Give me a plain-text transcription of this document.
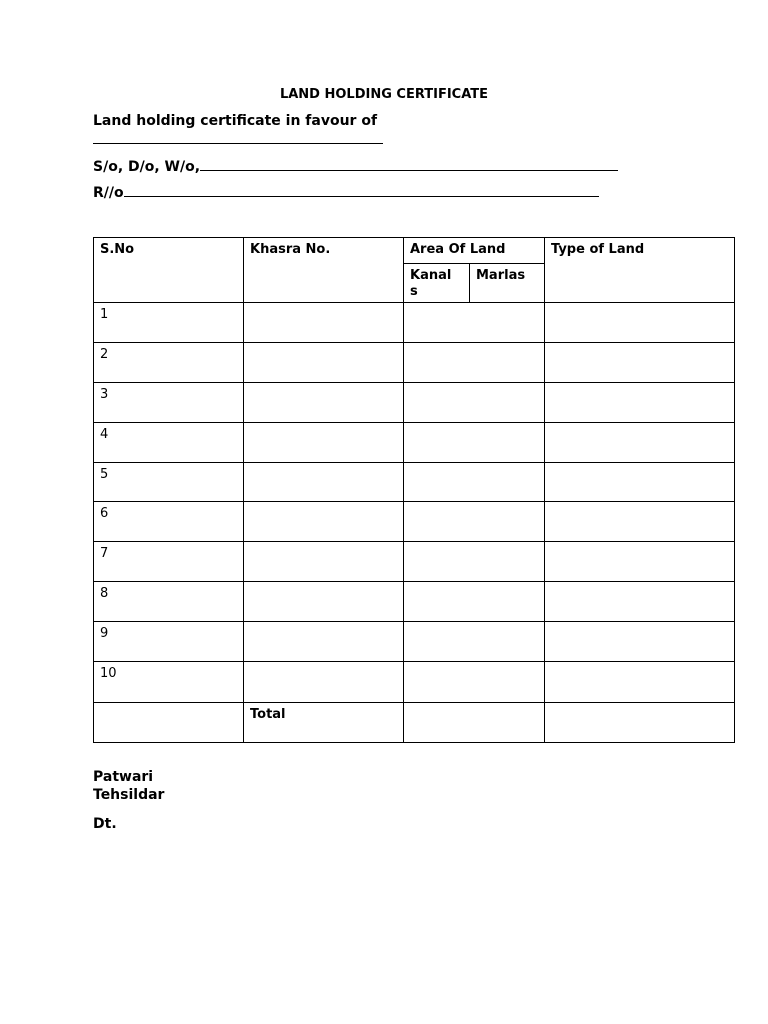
LAND HOLDING CERTIFICATE
Land holding certificate in favour of
S/o, D/o, W/o,
R//o
S.No	Khasra No.	Area Of Land		Type of Land
		Kanal s	Marlas	
1				
2				
3				
4				
5				
6				
7				
8				
9				
10				
	Total			
Patwari
Tehsildar
Dt.
